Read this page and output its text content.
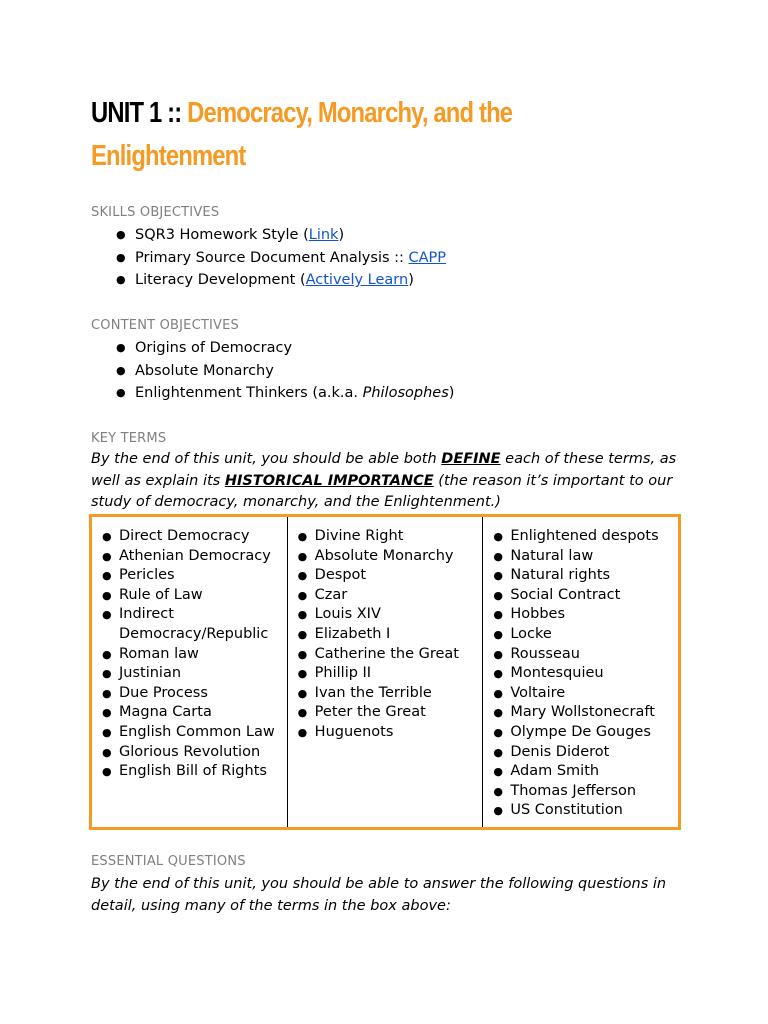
UNIT 1 :: Democracy, Monarchy, and the Enlightenment
SKILLS OBJECTIVES
● SQR3 Homework Style (Link)
● Primary Source Document Analysis :: CAPP
● Literacy Development (Actively Learn)
CONTENT OBJECTIVES
● Origins of Democracy
● Absolute Monarchy
● Enlightenment Thinkers (a.k.a. Philosophes)
KEY TERMS
By the end of this unit, you should be able both DEFINE each of these terms, as well as explain its HISTORICAL IMPORTANCE (the reason it’s important to our study of democracy, monarchy, and the Enlightenment.)
● Direct Democracy
● Athenian Democracy
● Pericles
● Rule of Law
● Indirect Democracy/Republic
● Roman law
● Justinian
● Due Process
● Magna Carta
● English Common Law
● Glorious Revolution
● English Bill of Rights
● Divine Right
● Absolute Monarchy
● Despot
● Czar
● Louis XIV
● Elizabeth I
● Catherine the Great
● Phillip II
● Ivan the Terrible
● Peter the Great
● Huguenots
● Enlightened despots
● Natural law
● Natural rights
● Social Contract
● Hobbes
● Locke
● Rousseau
● Montesquieu
● Voltaire
● Mary Wollstonecraft
● Olympe De Gouges
● Denis Diderot
● Adam Smith
● Thomas Jefferson
● US Constitution
ESSENTIAL QUESTIONS
By the end of this unit, you should be able to answer the following questions in detail, using many of the terms in the box above:
